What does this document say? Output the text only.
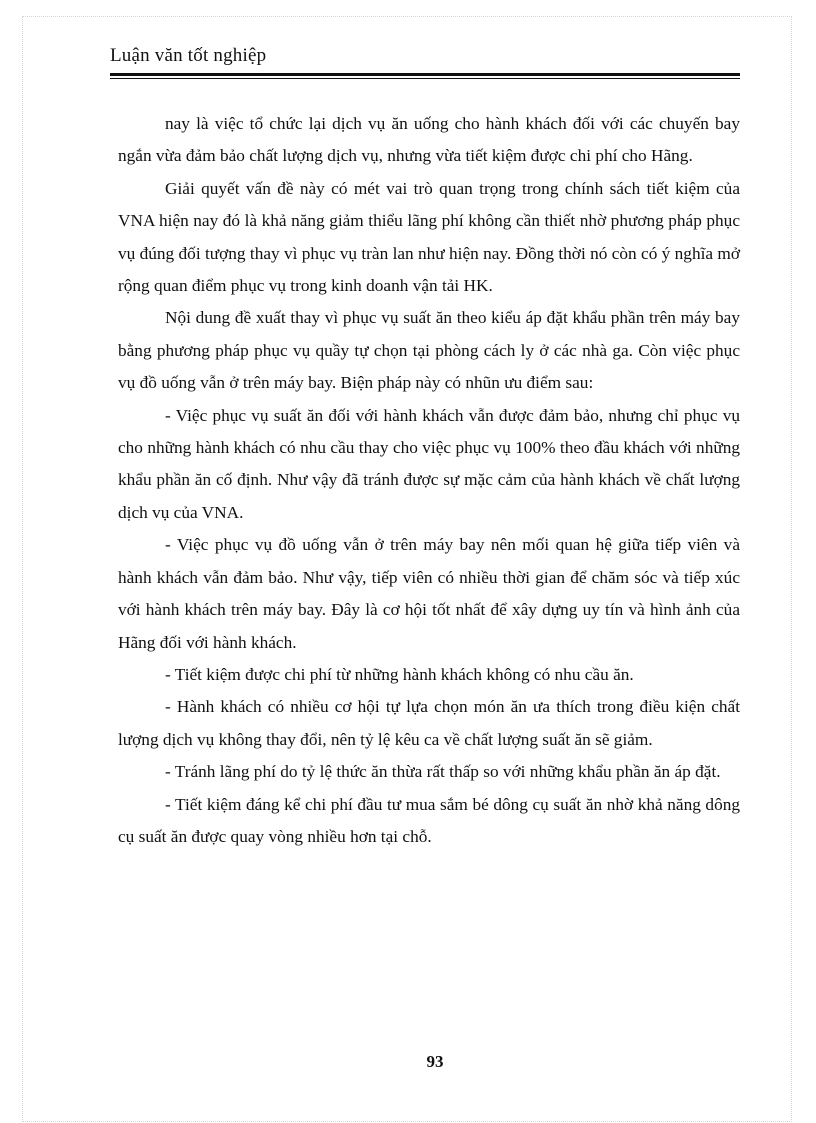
Luận văn tốt nghiệp

nay là việc tổ chức lại dịch vụ ăn uống cho hành khách đối với các chuyến bay ngắn vừa đảm bảo chất lượng dịch vụ, nhưng vừa tiết kiệm được chi phí cho Hãng.

Giải quyết vấn đề này có mét vai trò quan trọng trong chính sách tiết kiệm của VNA hiện nay đó là khả năng giảm thiểu lãng phí không cần thiết nhờ phương pháp phục vụ đúng đối tượng thay vì phục vụ tràn lan như hiện nay. Đồng thời nó còn có ý nghĩa mở rộng quan điểm phục vụ trong kinh doanh vận tải HK.

Nội dung đề xuất thay vì phục vụ suất ăn theo kiểu áp đặt khẩu phần trên máy bay bằng phương pháp phục vụ quầy tự chọn tại phòng cách ly ở các nhà ga. Còn việc phục vụ đồ uống vẫn ở trên máy bay. Biện pháp này có nhũn ưu điểm sau:

- Việc phục vụ suất ăn đối với hành khách vẫn được đảm bảo, nhưng chỉ phục vụ cho những hành khách có nhu cầu thay cho việc phục vụ 100% theo đầu khách với những khẩu phần ăn cố định. Như vậy đã tránh được sự mặc cảm của hành khách về chất lượng dịch vụ của VNA.

- Việc phục vụ đồ uống vẫn ở trên máy bay nên mối quan hệ giữa tiếp viên và hành khách vẫn đảm bảo. Như vậy, tiếp viên có nhiều thời gian để chăm sóc và tiếp xúc với hành khách trên máy bay. Đây là cơ hội tốt nhất để xây dựng uy tín và hình ảnh của Hãng đối với hành khách.

- Tiết kiệm được chi phí từ những hành khách không có nhu cầu ăn.

- Hành khách có nhiều cơ hội tự lựa chọn món ăn ưa thích trong điều kiện chất lượng dịch vụ không thay đổi, nên tỷ lệ kêu ca về chất lượng suất ăn sẽ giảm.

- Tránh lãng phí do tỷ lệ thức ăn thừa rất thấp so với những khẩu phần ăn áp đặt.

- Tiết kiệm đáng kể chi phí đầu tư mua sắm bé dông cụ suất ăn nhờ khả năng dông cụ suất ăn được quay vòng nhiều hơn tại chỗ.

93
